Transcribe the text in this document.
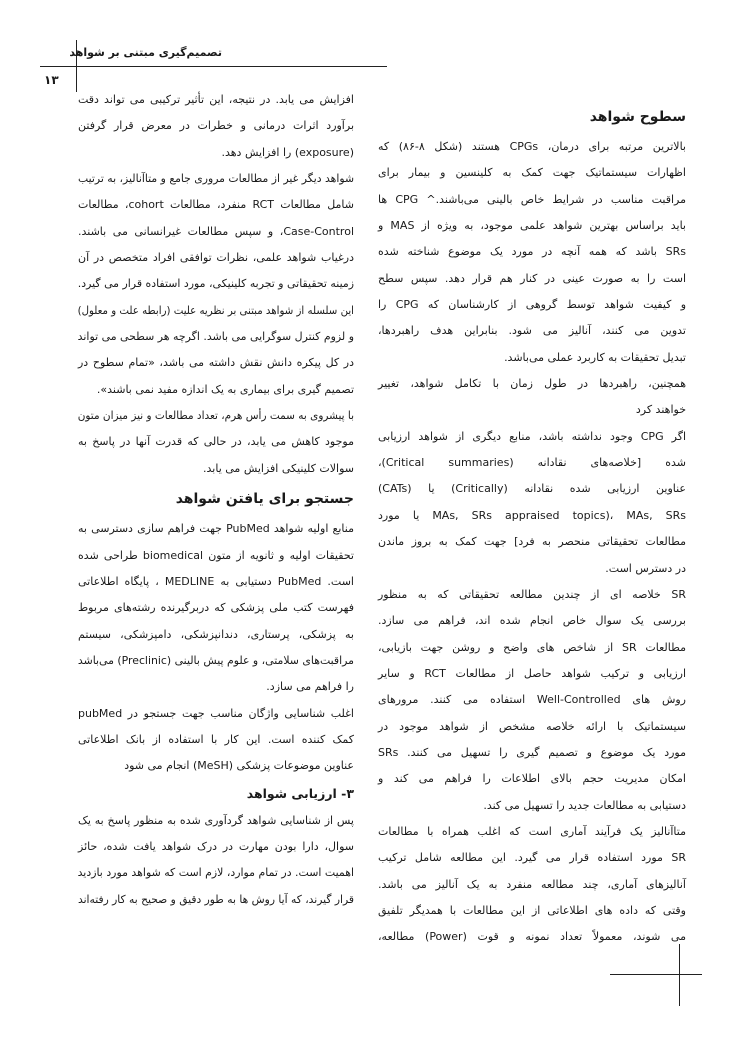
تصمیم‌گیری مبتنی بر شواهد
۱۳
سطوح شواهد
بالاترین مرتبه برای درمان، CPGs هستند (شکل ۸-۸۶) که
اظهارات سیستماتیک جهت کمک به کلینسین و بیمار برای
مراقبت مناسب در شرایط خاص بالینی می‌باشند.^ CPG ها
باید براساس بهترین شواهد علمی موجود، به ویژه از MAS و
SRs باشد که همه آنچه در مورد یک موضوع شناخته شده
است را به صورت عینی در کنار هم قرار دهد. سپس سطح
و کیفیت شواهد توسط گروهی از کارشناسان که CPG را
تدوین می کنند، آنالیز می شود. بنابراین هدف راهبردها،
تبدیل تحقیقات به کاربرد عملی می‌باشد.
همچنین، راهبردها در طول زمان با تکامل شواهد، تغییر
خواهند کرد
اگر CPG وجود نداشته باشد، منابع دیگری از شواهد ارزیابی
شده [خلاصه‌های نقادانه (Critical summaries)،
عناوین ارزیابی شده نقادانه (Critically) یا (CATs)
MAs, SRs appraised topics)، MAs, SRs یا مورد
مطالعات تحقیقاتی منحصر به فرد] جهت کمک به بروز ماندن
در دسترس است.
SR خلاصه ای از چندین مطالعه تحقیقاتی که به منظور
بررسی یک سوال خاص انجام شده اند، فراهم می سازد.
مطالعات SR از شاخص های واضح و روشن جهت بازیابی،
ارزیابی و ترکیب شواهد حاصل از مطالعات RCT و سایر
روش های Well-Controlled استفاده می کنند. مرورهای
سیستماتیک با ارائه خلاصه مشخص از شواهد موجود در
مورد یک موضوع و تصمیم گیری را تسهیل می کنند. SRs
امکان مدیریت حجم بالای اطلاعات را فراهم می کند و
دستیابی به مطالعات جدید را تسهیل می کند.
متاآنالیز یک فرآیند آماری است که اغلب همراه با مطالعات
SR مورد استفاده قرار می گیرد. این مطالعه شامل ترکیب
آنالیزهای آماری، چند مطالعه منفرد به یک آنالیز می باشد.
وقتی که داده های اطلاعاتی از این مطالعات با همدیگر تلفیق
می شوند، معمولاً تعداد نمونه و قوت (Power) مطالعه،
افزایش می یابد. در نتیجه، این تأثیر ترکیبی می تواند دقت
برآورد اثرات درمانی و خطرات در معرض قرار گرفتن
(exposure) را افزایش دهد.
شواهد دیگر غیر از مطالعات مروری جامع و متاآنالیز، به ترتیب
شامل مطالعات RCT منفرد، مطالعات cohort، مطالعات
Case-Control، و سپس مطالعات غیرانسانی می باشند.
درغیاب شواهد علمی، نظرات توافقی افراد متخصص در آن
زمینه تحقیقاتی و تجربه کلینیکی، مورد استفاده قرار می گیرد.
این سلسله از شواهد مبتنی بر نظریه علیت (رابطه علت و معلول)
و لزوم کنترل سوگرایی می باشد. اگرچه هر سطحی می تواند
در کل پیکره دانش نقش داشته می باشد، «تمام سطوح در
تصمیم گیری برای بیماری به یک اندازه مفید نمی باشند».
با پیشروی به سمت رأس هرم، تعداد مطالعات و نیز میزان متون
موجود کاهش می یابد، در حالی که قدرت آنها در پاسخ به
سوالات کلینیکی افزایش می یابد.
جستجو برای یافتن شواهد
منابع اولیه شواهد PubMed جهت فراهم سازی دسترسی به
تحقیقات اولیه و ثانویه از متون biomedical طراحی شده
است. PubMed دستیابی به MEDLINE ، پایگاه اطلاعاتی
فهرست کتب ملی پزشکی که دربرگیرنده رشته‌های مربوط
به پزشکی، پرستاری، دندانپزشکی، دامپزشکی، سیستم
مراقبت‌های سلامتی، و علوم پیش بالینی (Preclinic) می‌باشد
را فراهم می سازد.
اغلب شناسایی واژگان مناسب جهت جستجو در pubMed
کمک کننده است. این کار با استفاده از بانک اطلاعاتی
عناوین موضوعات پزشکی (MeSH) انجام می شود
۳- ارزیابی شواهد
پس از شناسایی شواهد گردآوری شده به منظور پاسخ به یک
سوال، دارا بودن مهارت در درک شواهد یافت شده، حائز
اهمیت است. در تمام موارد، لازم است که شواهد مورد بازدید
قرار گیرند، که آیا روش ها به طور دقیق و صحیح به کار رفته‌اند
